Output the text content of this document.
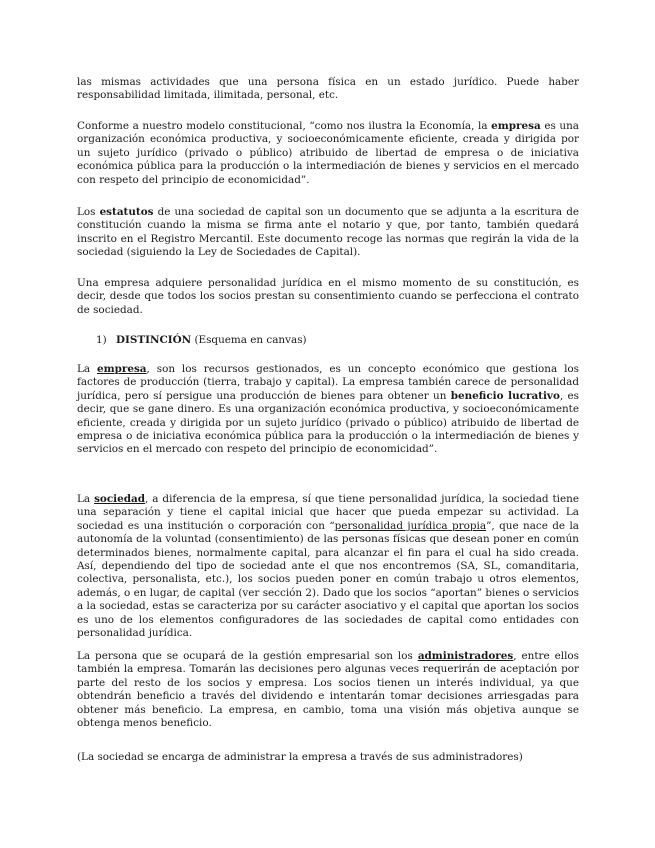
las mismas actividades que una persona física en un estado jurídico. Puede haber responsabilidad limitada, ilimitada, personal, etc.

Conforme a nuestro modelo constitucional, “como nos ilustra la Economía, la empresa es una organización económica productiva, y socioeconómicamente eficiente, creada y dirigida por un sujeto jurídico (privado o público) atribuido de libertad de empresa o de iniciativa económica pública para la producción o la intermediación de bienes y servicios en el mercado con respeto del principio de economicidad”.

Los estatutos de una sociedad de capital son un documento que se adjunta a la escritura de constitución cuando la misma se firma ante el notario y que, por tanto, también quedará inscrito en el Registro Mercantil. Este documento recoge las normas que regirán la vida de la sociedad (siguiendo la Ley de Sociedades de Capital).

Una empresa adquiere personalidad jurídica en el mismo momento de su constitución, es decir, desde que todos los socios prestan su consentimiento cuando se perfecciona el contrato de sociedad.

1) DISTINCIÓN (Esquema en canvas)

La empresa, son los recursos gestionados, es un concepto económico que gestiona los factores de producción (tierra, trabajo y capital). La empresa también carece de personalidad jurídica, pero sí persigue una producción de bienes para obtener un beneficio lucrativo, es decir, que se gane dinero. Es una organización económica productiva, y socioeconómicamente eficiente, creada y dirigida por un sujeto jurídico (privado o público) atribuido de libertad de empresa o de iniciativa económica pública para la producción o la intermediación de bienes y servicios en el mercado con respeto del principio de economicidad”.

La sociedad, a diferencia de la empresa, sí que tiene personalidad jurídica, la sociedad tiene una separación y tiene el capital inicial que hacer que pueda empezar su actividad. La sociedad es una institución o corporación con “personalidad jurídica propia”, que nace de la autonomía de la voluntad (consentimiento) de las personas físicas que desean poner en común determinados bienes, normalmente capital, para alcanzar el fin para el cual ha sido creada. Así, dependiendo del tipo de sociedad ante el que nos encontremos (SA, SL, comanditaria, colectiva, personalista, etc.), los socios pueden poner en común trabajo u otros elementos, además, o en lugar, de capital (ver sección 2). Dado que los socios “aportan” bienes o servicios a la sociedad, estas se caracteriza por su carácter asociativo y el capital que aportan los socios es uno de los elementos configuradores de las sociedades de capital como entidades con personalidad jurídica.

La persona que se ocupará de la gestión empresarial son los administradores, entre ellos también la empresa. Tomarán las decisiones pero algunas veces requerirán de aceptación por parte del resto de los socios y empresa. Los socios tienen un interés individual, ya que obtendrán beneficio a través del dividendo e intentarán tomar decisiones arriesgadas para obtener más beneficio. La empresa, en cambio, toma una visión más objetiva aunque se obtenga menos beneficio.

(La sociedad se encarga de administrar la empresa a través de sus administradores)
